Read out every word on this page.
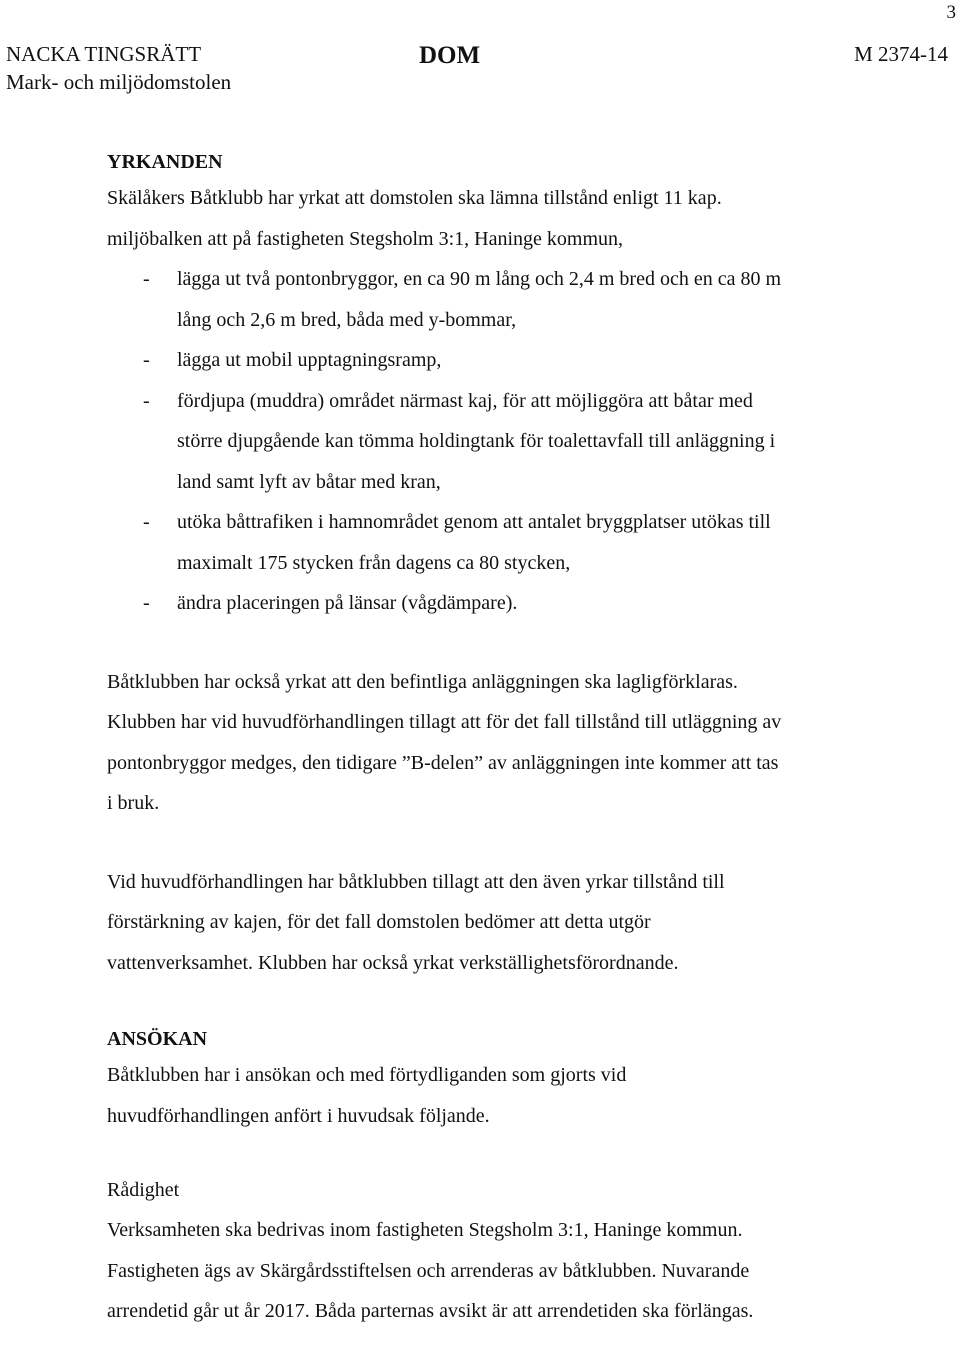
3
NACKA TINGSRÄTT
Mark- och miljödomstolen
DOM	M 2374-14
YRKANDEN
Skälåkers Båtklubb har yrkat att domstolen ska lämna tillstånd enligt 11 kap.
miljöbalken att på fastigheten Stegsholm 3:1, Haninge kommun,
- lägga ut två pontonbryggor, en ca 90 m lång och 2,4 m bred och en ca 80 m
lång och 2,6 m bred, båda med y-bommar,
- lägga ut mobil upptagningsramp,
- fördjupa (muddra) området närmast kaj, för att möjliggöra att båtar med
större djupgående kan tömma holdingtank för toalettavfall till anläggning i
land samt lyft av båtar med kran,
- utöka båttrafiken i hamnområdet genom att antalet bryggplatser utökas till
maximalt 175 stycken från dagens ca 80 stycken,
- ändra placeringen på länsar (vågdämpare).
Båtklubben har också yrkat att den befintliga anläggningen ska lagligförklaras.
Klubben har vid huvudförhandlingen tillagt att för det fall tillstånd till utläggning av
pontonbryggor medges, den tidigare ”B-delen” av anläggningen inte kommer att tas
i bruk.
Vid huvudförhandlingen har båtklubben tillagt att den även yrkar tillstånd till
förstärkning av kajen, för det fall domstolen bedömer att detta utgör
vattenverksamhet. Klubben har också yrkat verkställighetsförordnande.
ANSÖKAN
Båtklubben har i ansökan och med förtydliganden som gjorts vid
huvudförhandlingen anfört i huvudsak följande.
Rådighet
Verksamheten ska bedrivas inom fastigheten Stegsholm 3:1, Haninge kommun.
Fastigheten ägs av Skärgårdsstiftelsen och arrenderas av båtklubben. Nuvarande
arrendetid går ut år 2017. Båda parternas avsikt är att arrendetiden ska förlängas.
